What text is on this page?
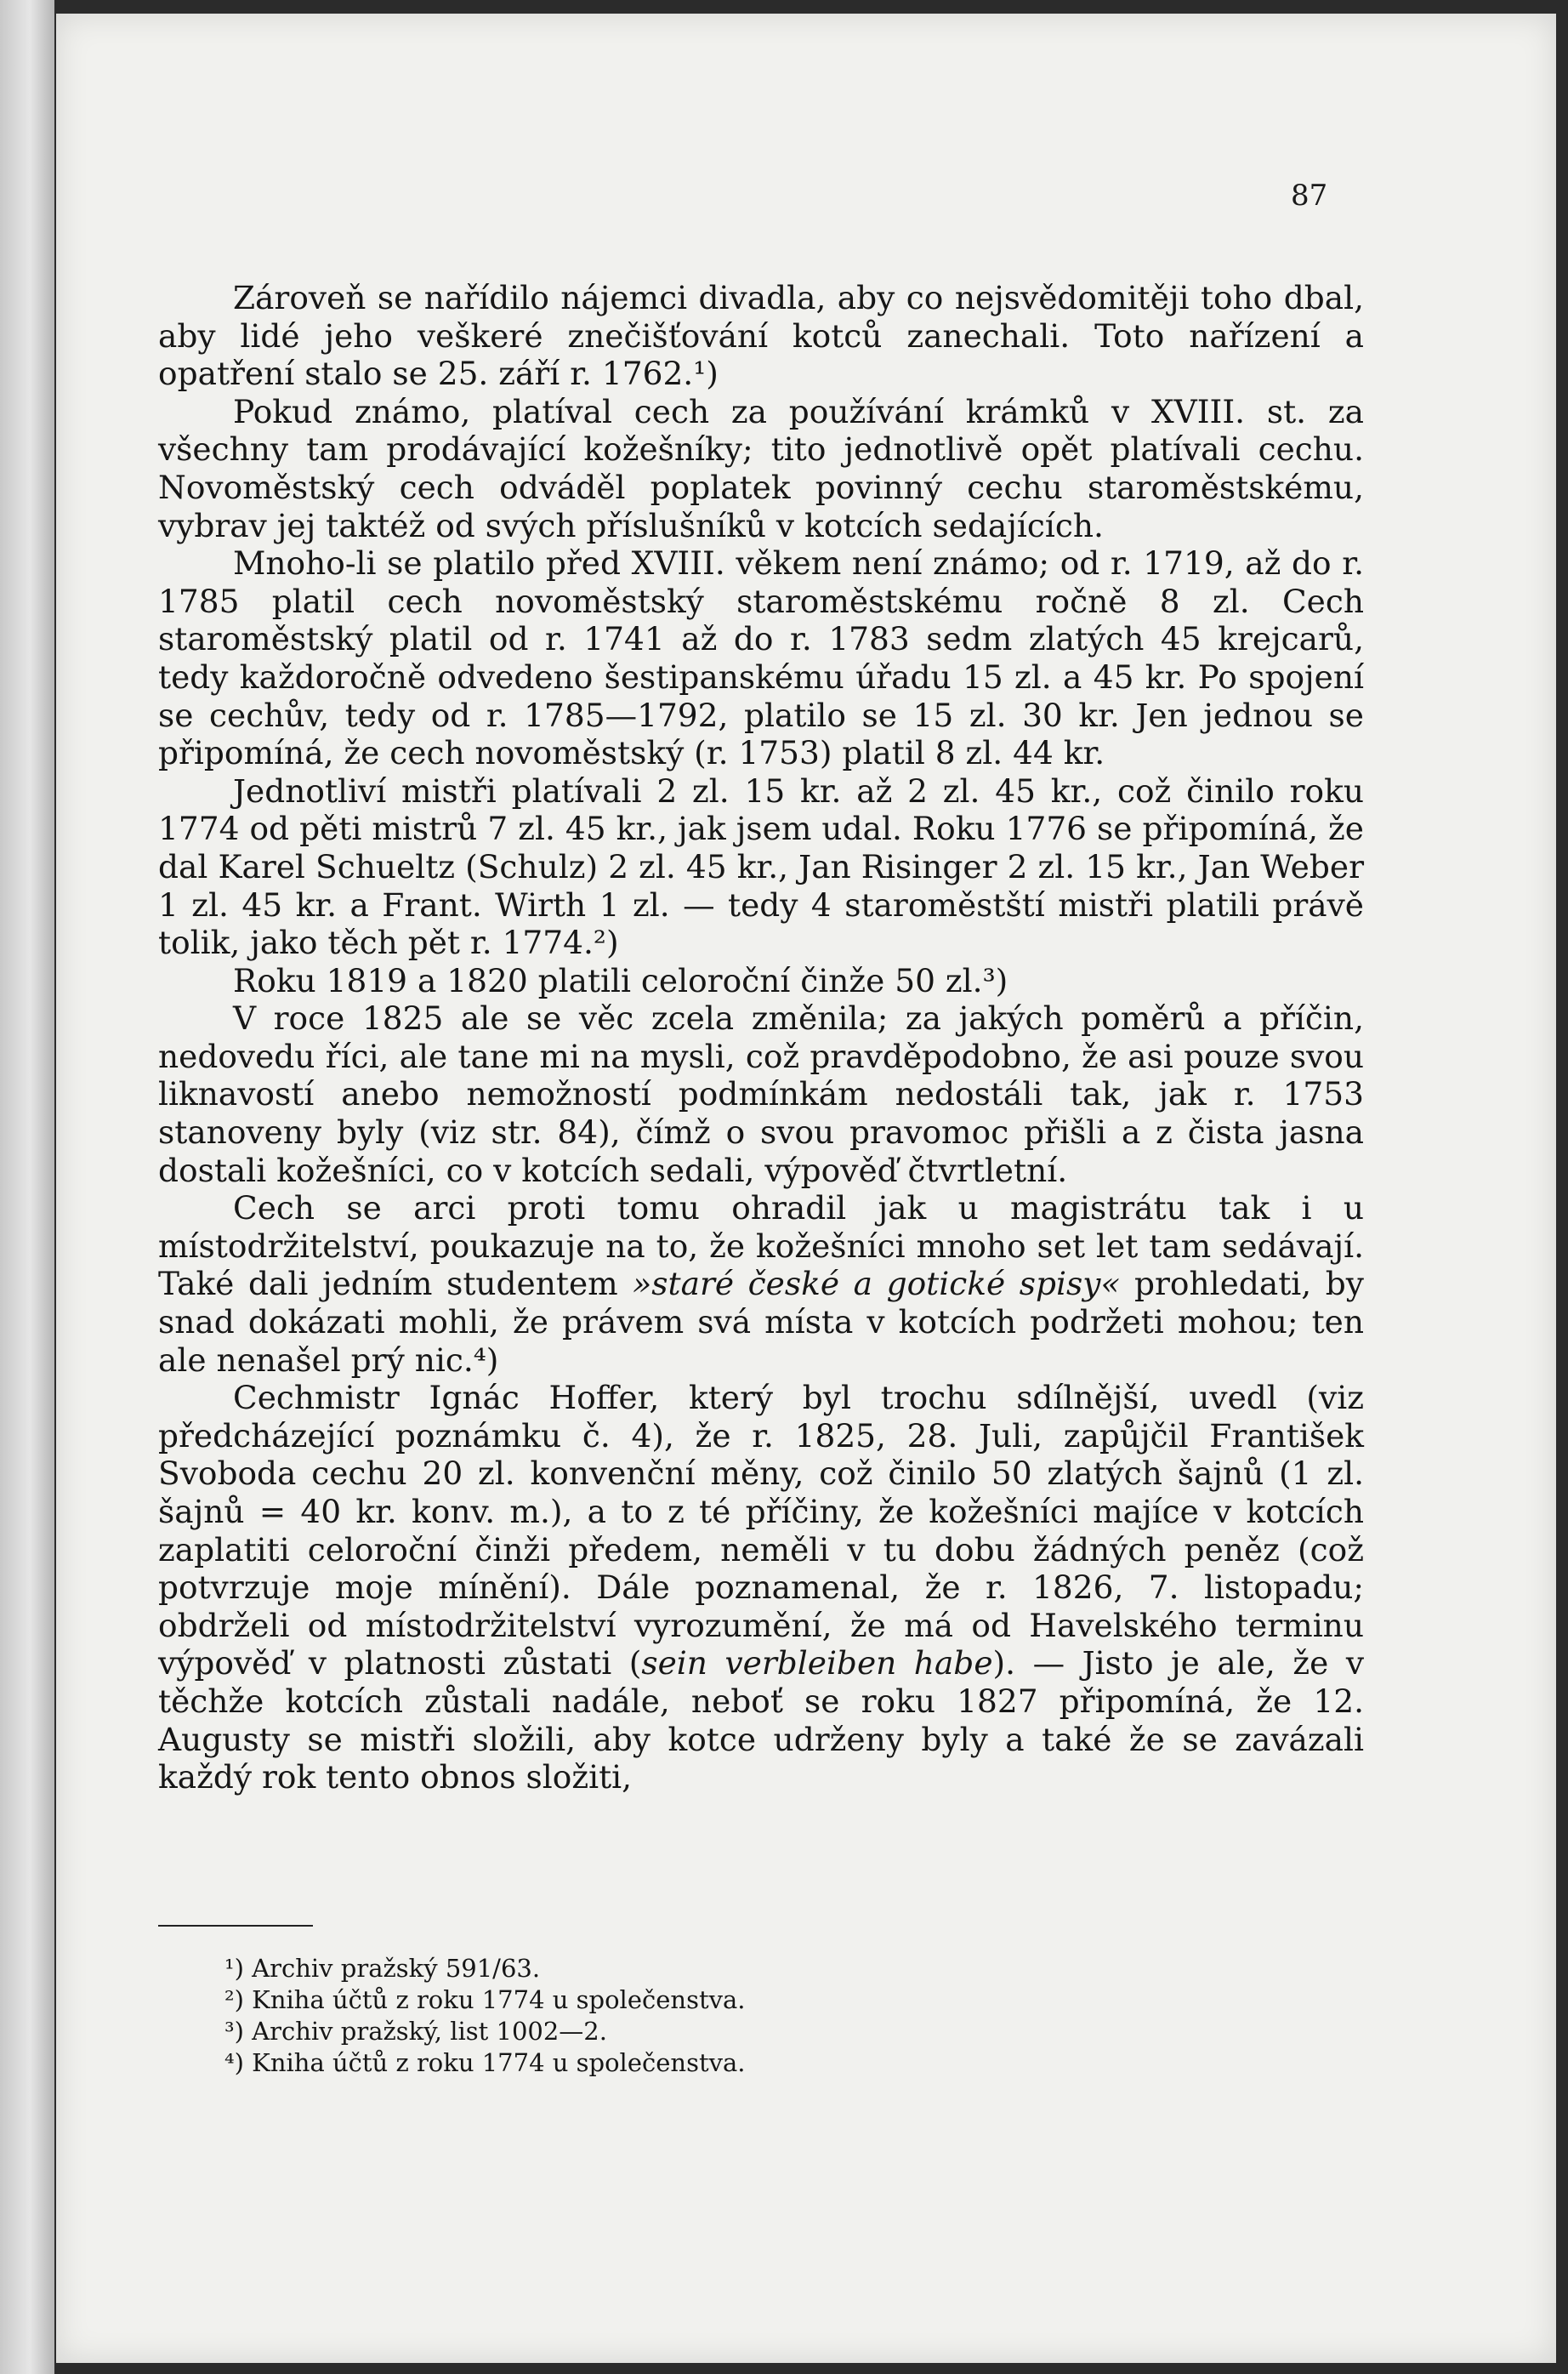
87

Zároveň se nařídilo nájemci divadla, aby co nejsvědomitěji toho dbal, aby lidé jeho veškeré znečišťování kotců zanechali. Toto nařízení a opatření stalo se 25. září r. 1762.¹)

Pokud známo, platíval cech za používání krámků v XVIII. st. za všechny tam prodávající kožešníky; tito jednotlivě opět platívali cechu. Novoměstský cech odváděl poplatek povinný cechu staroměstskému, vybrav jej taktéž od svých příslušníků v kotcích sedajících.

Mnoho-li se platilo před XVIII. věkem není známo; od r. 1719, až do r. 1785 platil cech novoměstský staroměstskému ročně 8 zl. Cech staroměstský platil od r. 1741 až do r. 1783 sedm zlatých 45 krejcarů, tedy každoročně odvedeno šestipanskému úřadu 15 zl. a 45 kr. Po spojení se cechův, tedy od r. 1785—1792, platilo se 15 zl. 30 kr. Jen jednou se připomíná, že cech novoměstský (r. 1753) platil 8 zl. 44 kr.

Jednotliví mistři platívali 2 zl. 15 kr. až 2 zl. 45 kr., což činilo roku 1774 od pěti mistrů 7 zl. 45 kr., jak jsem udal. Roku 1776 se připomíná, že dal Karel Schueltz (Schulz) 2 zl. 45 kr., Jan Risinger 2 zl. 15 kr., Jan Weber 1 zl. 45 kr. a Frant. Wirth 1 zl. — tedy 4 staroměstští mistři platili právě tolik, jako těch pět r. 1774.²)

Roku 1819 a 1820 platili celoroční činže 50 zl.³)

V roce 1825 ale se věc zcela změnila; za jakých poměrů a příčin, nedovedu říci, ale tane mi na mysli, což pravděpodobno, že asi pouze svou liknavostí anebo nemožností podmínkám nedostáli tak, jak r. 1753 stanoveny byly (viz str. 84), čímž o svou pravomoc přišli a z čista jasna dostali kožešníci, co v kotcích sedali, výpověď čtvrtletní.

Cech se arci proti tomu ohradil jak u magistrátu tak i u místodržitelství, poukazuje na to, že kožešníci mnoho set let tam sedávají. Také dali jedním studentem »staré české a gotické spisy« prohledati, by snad dokázati mohli, že právem svá místa v kotcích podržeti mohou; ten ale nenašel prý nic.⁴)

Cechmistr Ignác Hoffer, který byl trochu sdílnější, uvedl (viz předcházející poznámku č. 4), že r. 1825, 28. Juli, zapůjčil František Svoboda cechu 20 zl. konvenční měny, což činilo 50 zlatých šajnů (1 zl. šajnů = 40 kr. konv. m.), a to z té příčiny, že kožešníci majíce v kotcích zaplatiti celoroční činži předem, neměli v tu dobu žádných peněz (což potvrzuje moje mínění). Dále poznamenal, že r. 1826, 7. listopadu; obdrželi od místodržitelství vyrozumění, že má od Havelského terminu výpověď v platnosti zůstati (sein verbleiben habe). — Jisto je ale, že v těchže kotcích zůstali nadále, neboť se roku 1827 připomíná, že 12. Augusty se mistři složili, aby kotce udrženy byly a také že se zavázali každý rok tento obnos složiti,

¹) Archiv pražský 591/63.

²) Kniha účtů z roku 1774 u společenstva.

³) Archiv pražský, list 1002—2.

⁴) Kniha účtů z roku 1774 u společenstva.
